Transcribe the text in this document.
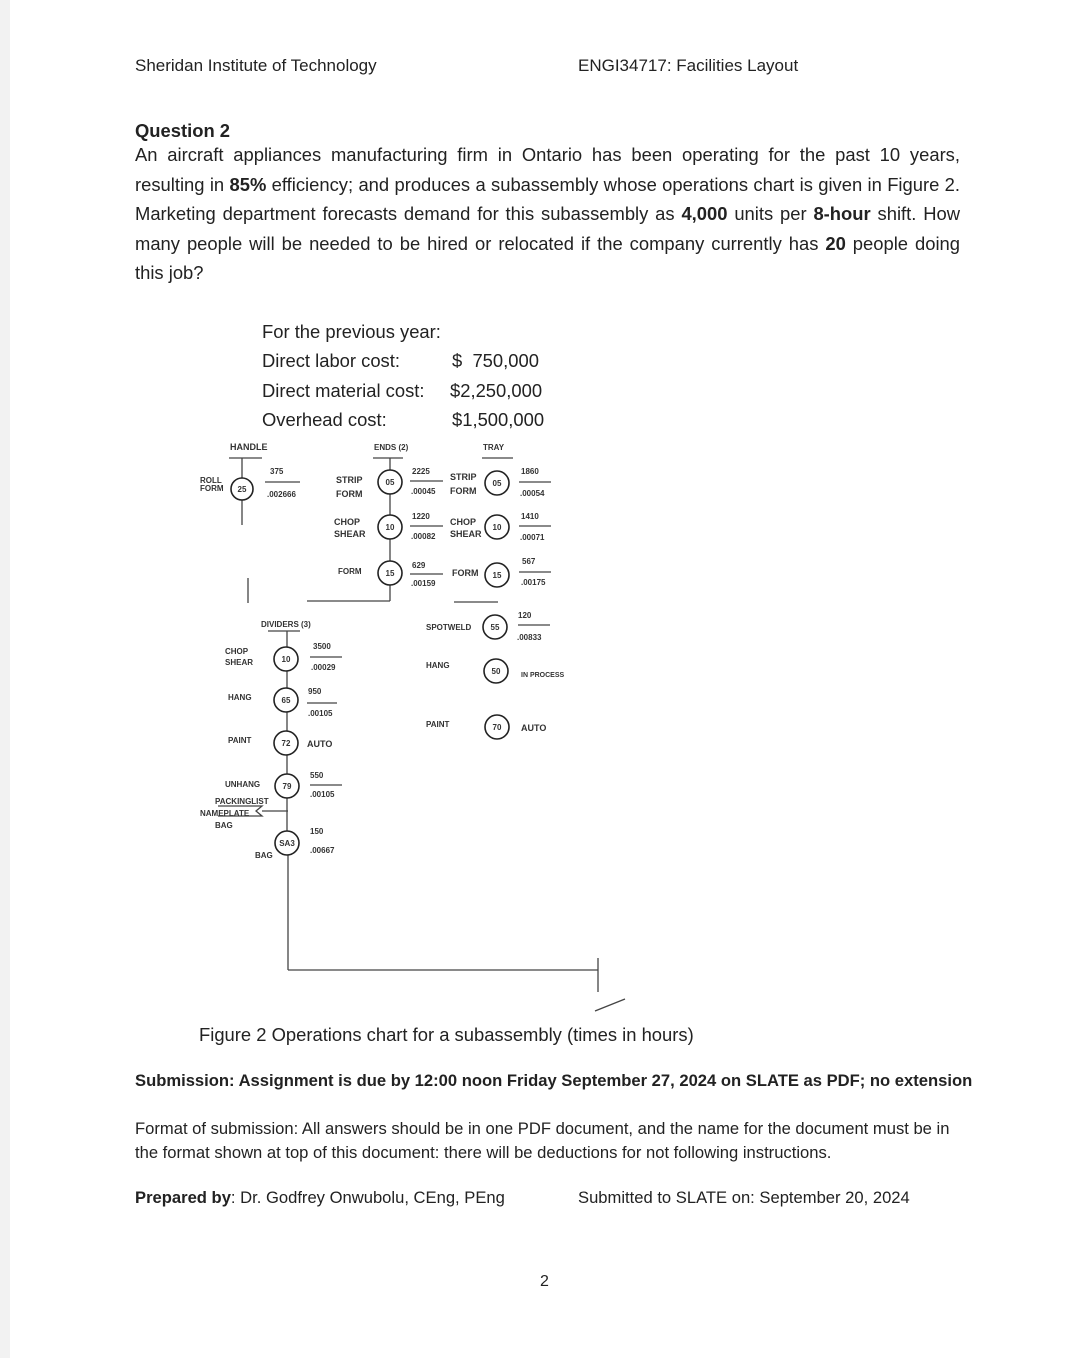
Sheridan Institute of Technology	ENGI34717: Facilities Layout
Question 2
An aircraft appliances manufacturing firm in Ontario has been operating for the past 10 years, resulting in 85% efficiency; and produces a subassembly whose operations chart is given in Figure 2. Marketing department forecasts demand for this subassembly as 4,000 units per 8-hour shift. How many people will be needed to be hired or relocated if the company currently has 20 people doing this job?
For the previous year:
Direct labor cost:	$  750,000
Direct material cost: $2,250,000
Overhead cost:	$1,500,000
HANDLE
ROLL
FORM 25
375
.002666
ENDS (2)
STRIP
FORM
05
2225
.00045
CHOP
SHEAR
10
1220
.00082
FORM	15
629
.00159
TRAY
STRIP
FORM
05
1860
.00054
CHOP
SHEAR
10
1410
.00071
FORM 15
567
.00175
SPOTWELD 55
120
.00833
HANG
50	IN PROCESS
PAINT	70 AUTO
DIVIDERS (3)
CHOP
SHEAR	10
3500
.00029
HANG	65
950
.00105
PAINT	72 AUTO
UNHANG	79
550
.00105
PACKINGLIST
NAMEPLATE
BAG
SA3
BAG
150
.00667
Figure 2 Operations chart for a subassembly (times in hours)
Submission: Assignment is due by 12:00 noon Friday September 27, 2024 on SLATE as PDF; no extension
Format of submission: All answers should be in one PDF document, and the name for the document must be in the format shown at top of this document: there will be deductions for not following instructions.
Prepared by: Dr. Godfrey Onwubolu, CEng, PEng	Submitted to SLATE on: September 20, 2024
2
